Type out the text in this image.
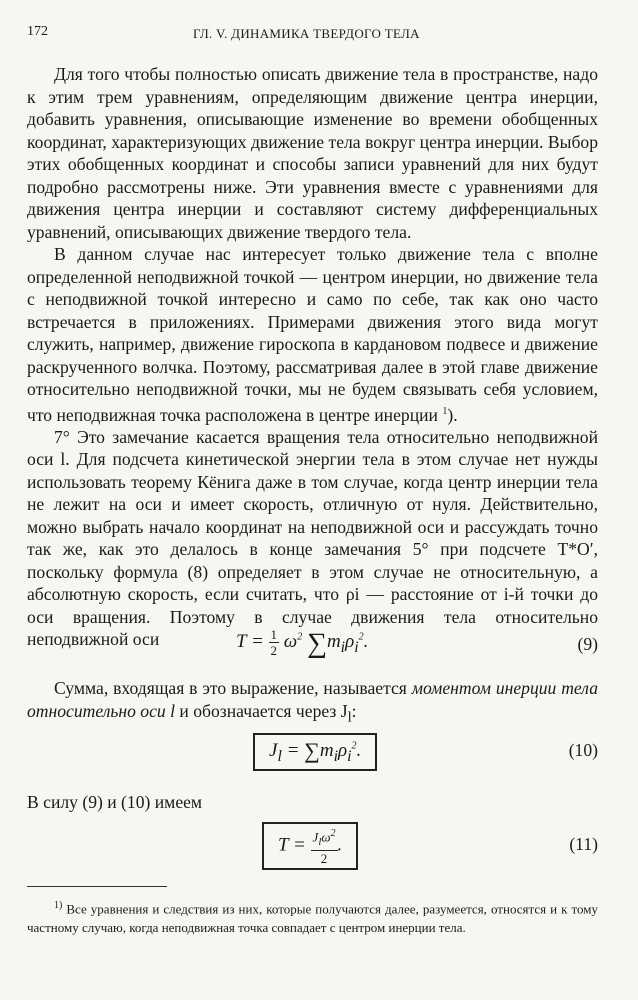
172	ГЛ. V. ДИНАМИКА ТВЕРДОГО ТЕЛА

Для того чтобы полностью описать движение тела в пространстве, надо к этим трем уравнениям, определяющим движение центра инерции, добавить уравнения, описывающие изменение во времени обобщенных координат, характеризующих движение тела вокруг центра инерции. Выбор этих обобщенных координат и способы записи уравнений для них будут подробно рассмотрены ниже. Эти уравнения вместе с уравнениями для движения центра инерции и составляют систему дифференциальных уравнений, описывающих движение твердого тела.

В данном случае нас интересует только движение тела с вполне определенной неподвижной точкой — центром инерции, но движение тела с неподвижной точкой интересно и само по себе, так как оно часто встречается в приложениях. Примерами движения этого вида могут служить, например, движение гироскопа в кардановом подвесе и движение раскрученного волчка. Поэтому, рассматривая далее в этой главе движение относительно неподвижной точки, мы не будем связывать себя условием, что неподвижная точка расположена в центре инерции $^1$).

7° Это замечание касается вращения тела относительно неподвижной оси l. Для подсчета кинетической энергии тела в этом случае нет нужды использовать теорему Кёнига даже в том случае, когда центр инерции тела не лежит на оси и имеет скорость, отличную от нуля. Действительно, можно выбрать начало координат на неподвижной оси и рассуждать точно так же, как это делалось в конце замечания 5° при подсчете T*O′, поскольку формула (8) определяет в этом случае не относительную, а абсолютную скорость, если считать, что ρi — расстояние от i-й точки до оси вращения. Поэтому в случае движения тела относительно неподвижной оси	$T = \frac{1}{2} \omega^2$ $\sum m_i\rho_i^2$.	(9)

Сумма, входящая в это выражение, называется моментом инерции тела относительно оси l и обозначается через $J_l$:

$J_l = \sum m_i\rho_i^2$.	(10)

В силу (9) и (10) имеем

$T = \frac{J_l\omega^2}{2}$ .	(11)

$^{1)}$ Все уравнения и следствия из них, которые получаются далее, разумеется, относятся и к тому частному случаю, когда неподвижная точка совпадает с центром инерции тела.
